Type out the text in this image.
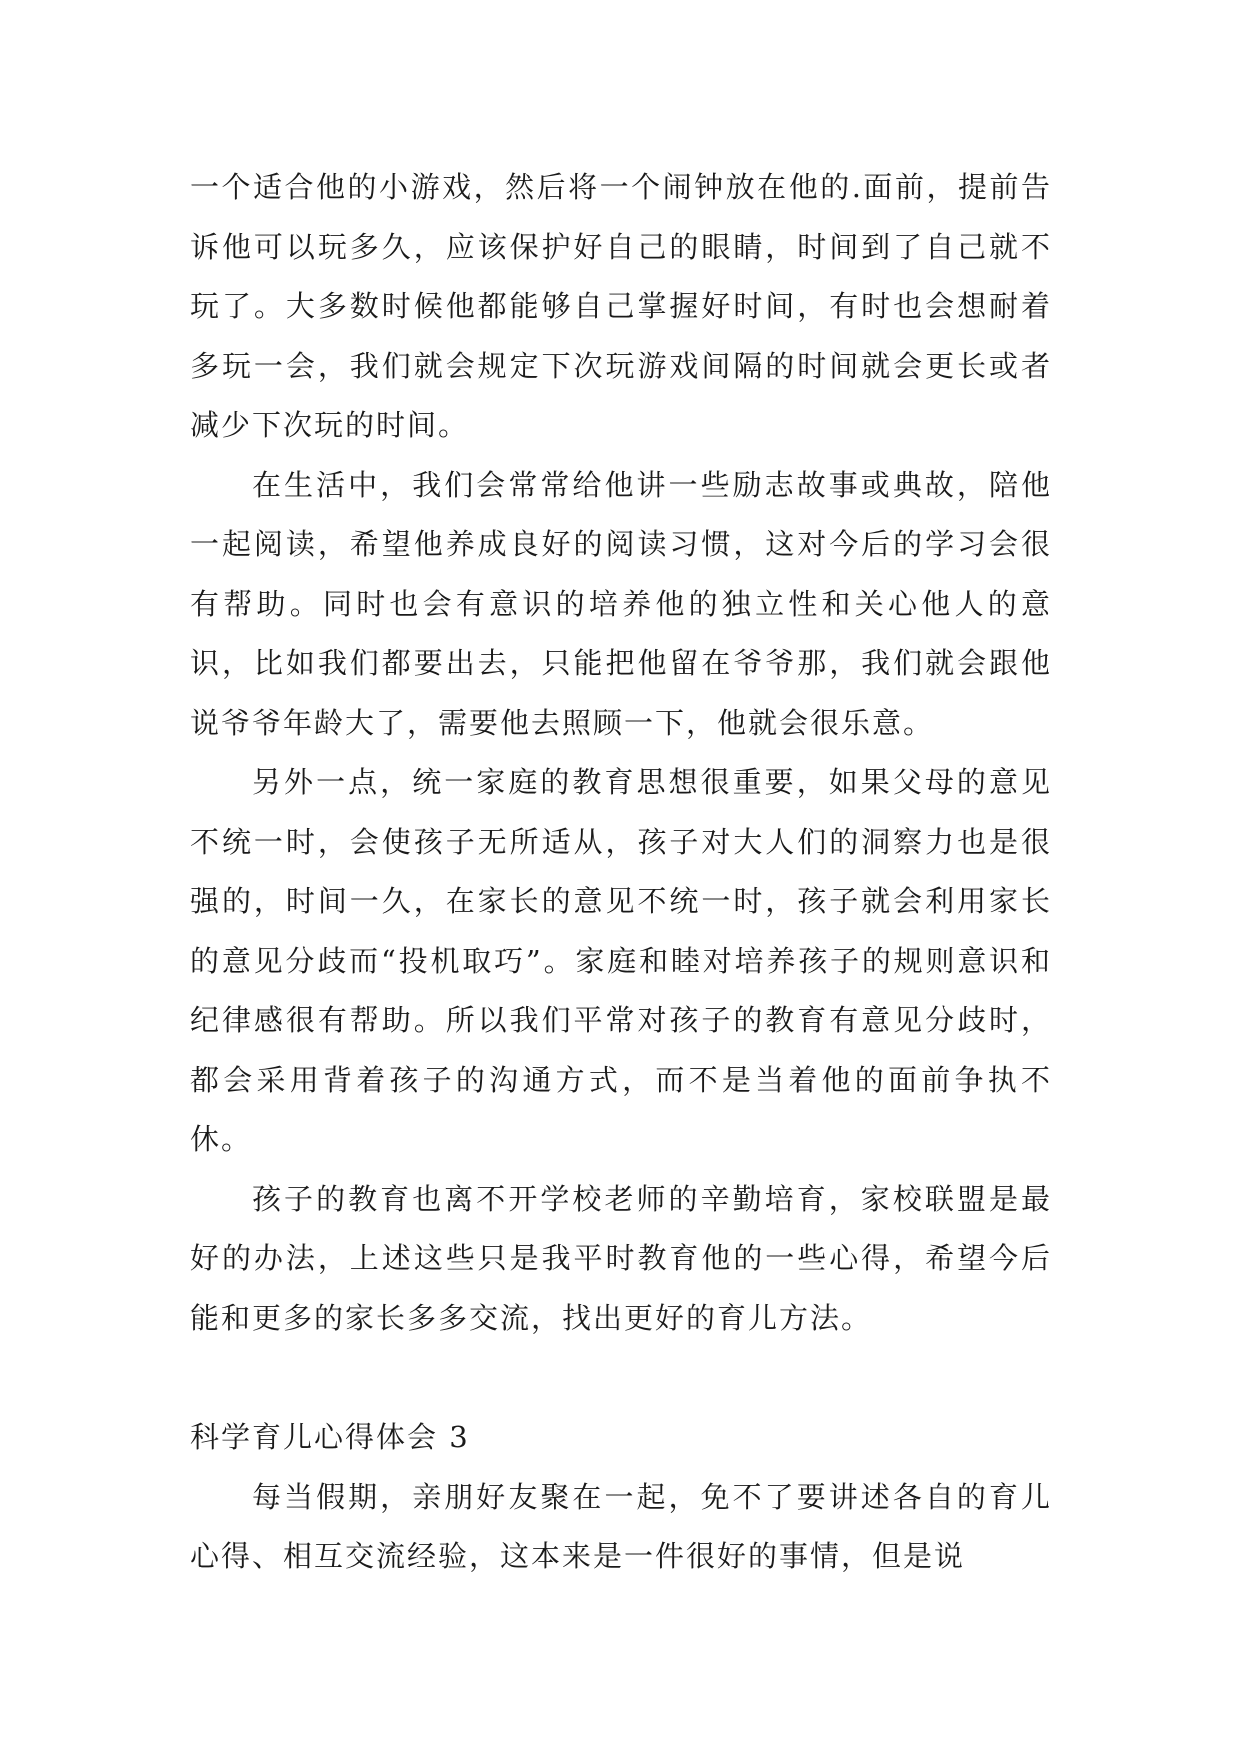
一个适合他的小游戏，然后将一个闹钟放在他的.面前，提前告诉他可以玩多久，应该保护好自己的眼睛，时间到了自己就不玩了。大多数时候他都能够自己掌握好时间，有时也会想耐着多玩一会，我们就会规定下次玩游戏间隔的时间就会更长或者减少下次玩的时间。

在生活中，我们会常常给他讲一些励志故事或典故，陪他一起阅读，希望他养成良好的阅读习惯，这对今后的学习会很有帮助。同时也会有意识的培养他的独立性和关心他人的意识，比如我们都要出去，只能把他留在爷爷那，我们就会跟他说爷爷年龄大了，需要他去照顾一下，他就会很乐意。

另外一点，统一家庭的教育思想很重要，如果父母的意见不统一时，会使孩子无所适从，孩子对大人们的洞察力也是很强的，时间一久，在家长的意见不统一时，孩子就会利用家长的意见分歧而“投机取巧”。家庭和睦对培养孩子的规则意识和纪律感很有帮助。所以我们平常对孩子的教育有意见分歧时，都会采用背着孩子的沟通方式，而不是当着他的面前争执不休。

孩子的教育也离不开学校老师的辛勤培育，家校联盟是最好的办法，上述这些只是我平时教育他的一些心得，希望今后能和更多的家长多多交流，找出更好的育儿方法。

科学育儿心得体会 3

每当假期，亲朋好友聚在一起，免不了要讲述各自的育儿心得、相互交流经验，这本来是一件很好的事情，但是说
